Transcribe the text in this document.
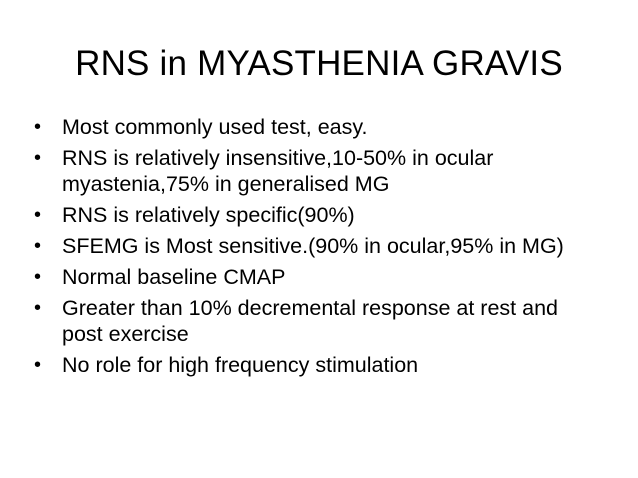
RNS in MYASTHENIA GRAVIS
• Most commonly used test, easy.
• RNS is relatively insensitive,10-50% in ocular myastenia,75% in generalised MG
• RNS is relatively specific(90%)
• SFEMG is Most sensitive.(90% in ocular,95% in MG)
• Normal baseline CMAP
• Greater than 10% decremental response at rest and post exercise
• No role for high frequency stimulation
